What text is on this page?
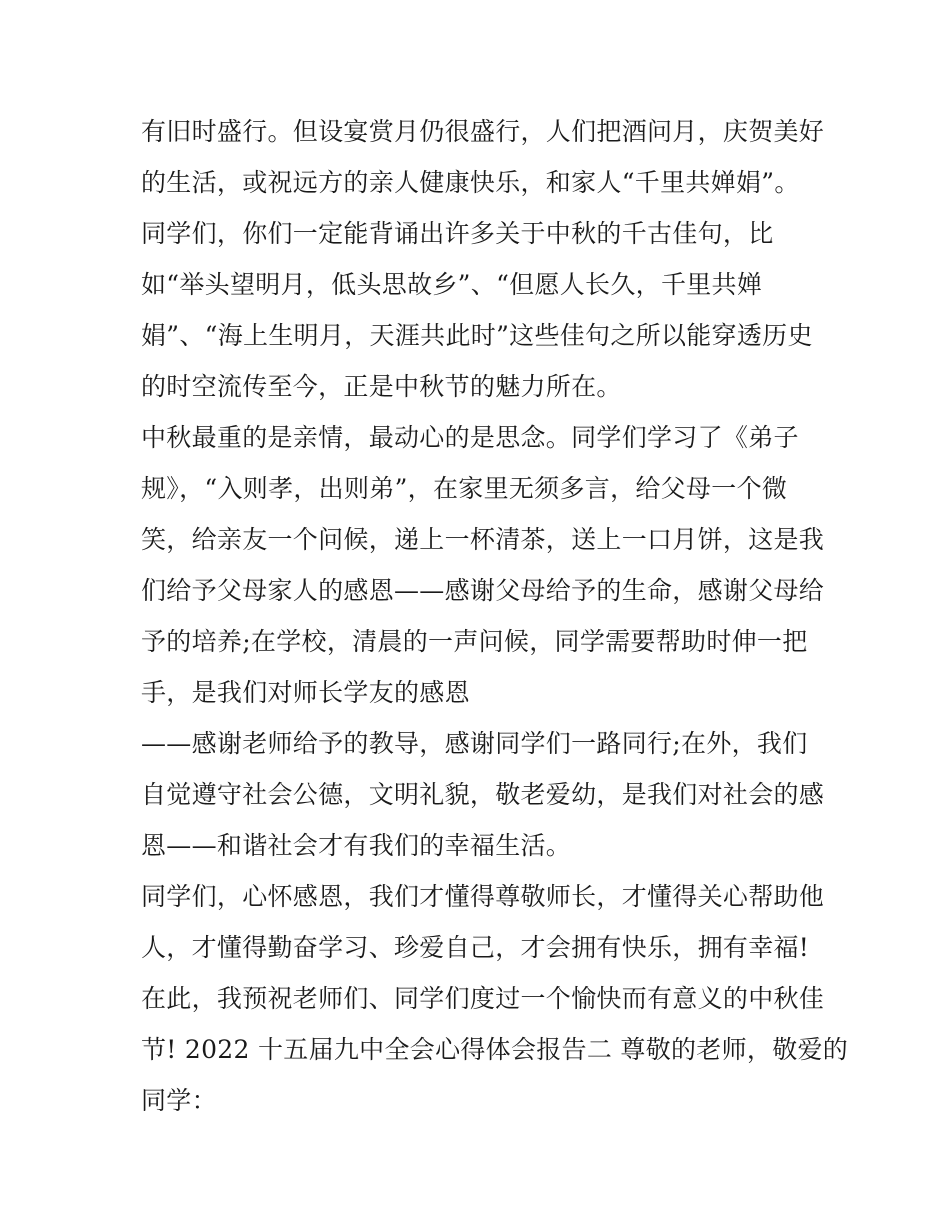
有旧时盛行。但设宴赏月仍很盛行，人们把酒问月，庆贺美好
的生活，或祝远方的亲人健康快乐，和家人“千里共婵娟”。
同学们，你们一定能背诵出许多关于中秋的千古佳句，比
如“举头望明月，低头思故乡”、“但愿人长久，千里共婵
娟”、“海上生明月，天涯共此时”这些佳句之所以能穿透历史
的时空流传至今，正是中秋节的魅力所在。
中秋最重的是亲情，最动心的是思念。同学们学习了《弟子
规》，“入则孝，出则弟”，在家里无须多言，给父母一个微
笑，给亲友一个问候，递上一杯清茶，送上一口月饼，这是我
们给予父母家人的感恩——感谢父母给予的生命，感谢父母给
予的培养;在学校，清晨的一声问候，同学需要帮助时伸一把
手，是我们对师长学友的感恩
——感谢老师给予的教导，感谢同学们一路同行;在外，我们
自觉遵守社会公德，文明礼貌，敬老爱幼，是我们对社会的感
恩——和谐社会才有我们的幸福生活。
同学们，心怀感恩，我们才懂得尊敬师长，才懂得关心帮助他
人，才懂得勤奋学习、珍爱自己，才会拥有快乐，拥有幸福!
在此，我预祝老师们、同学们度过一个愉快而有意义的中秋佳
节! 2022 十五届九中全会心得体会报告二 尊敬的老师，敬爱的
同学：
